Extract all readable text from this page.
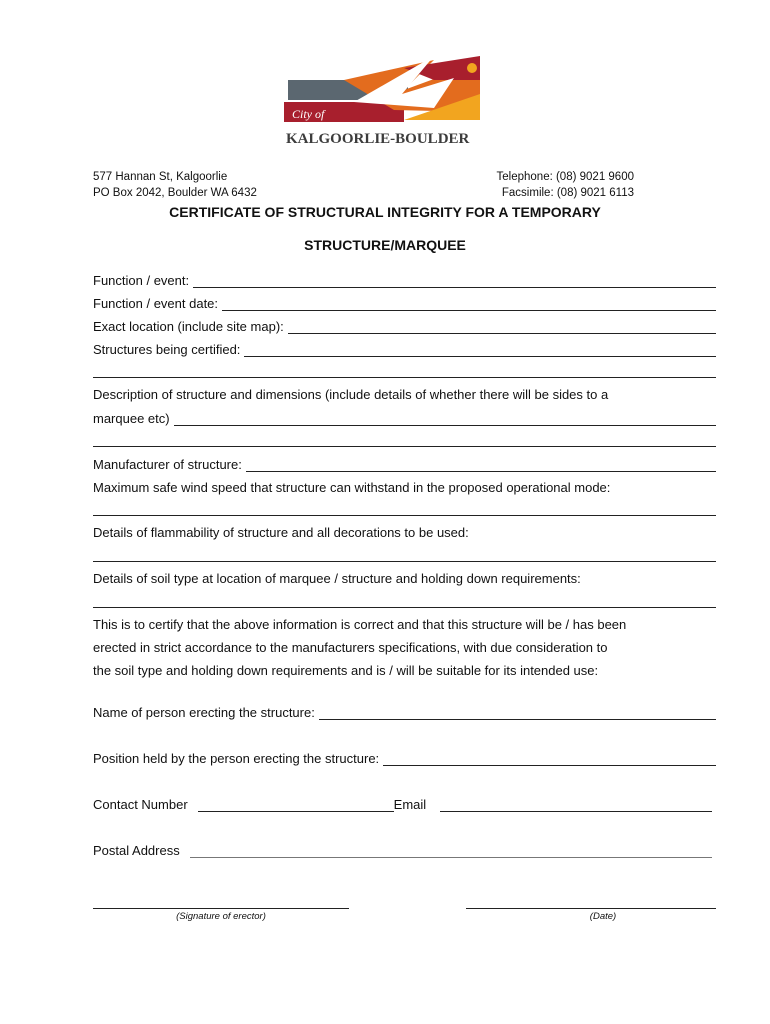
City of
KALGOORLIE-BOULDER
577 Hannan St, Kalgoorlie
PO Box 2042, Boulder WA 6432
Telephone: (08) 9021 9600
Facsimile: (08) 9021 6113
CERTIFICATE OF STRUCTURAL INTEGRITY FOR A TEMPORARY
STRUCTURE/MARQUEE
Function / event:
Function / event date:
Exact location (include site map):
Structures being certified:
Description of structure and dimensions (include details of whether there will be sides to a
marquee etc)
Manufacturer of structure:
Maximum safe wind speed that structure can withstand in the proposed operational mode:
Details of flammability of structure and all decorations to be used:
Details of soil type at location of marquee / structure and holding down requirements:
This is to certify that the above information is correct and that this structure will be / has been
erected in strict accordance to the manufacturers specifications, with due consideration to
the soil type and holding down requirements and is / will be suitable for its intended use:
Name of person erecting the structure:
Position held by the person erecting the structure:
Contact Number	Email
Postal Address
(Signature of erector)	(Date)
